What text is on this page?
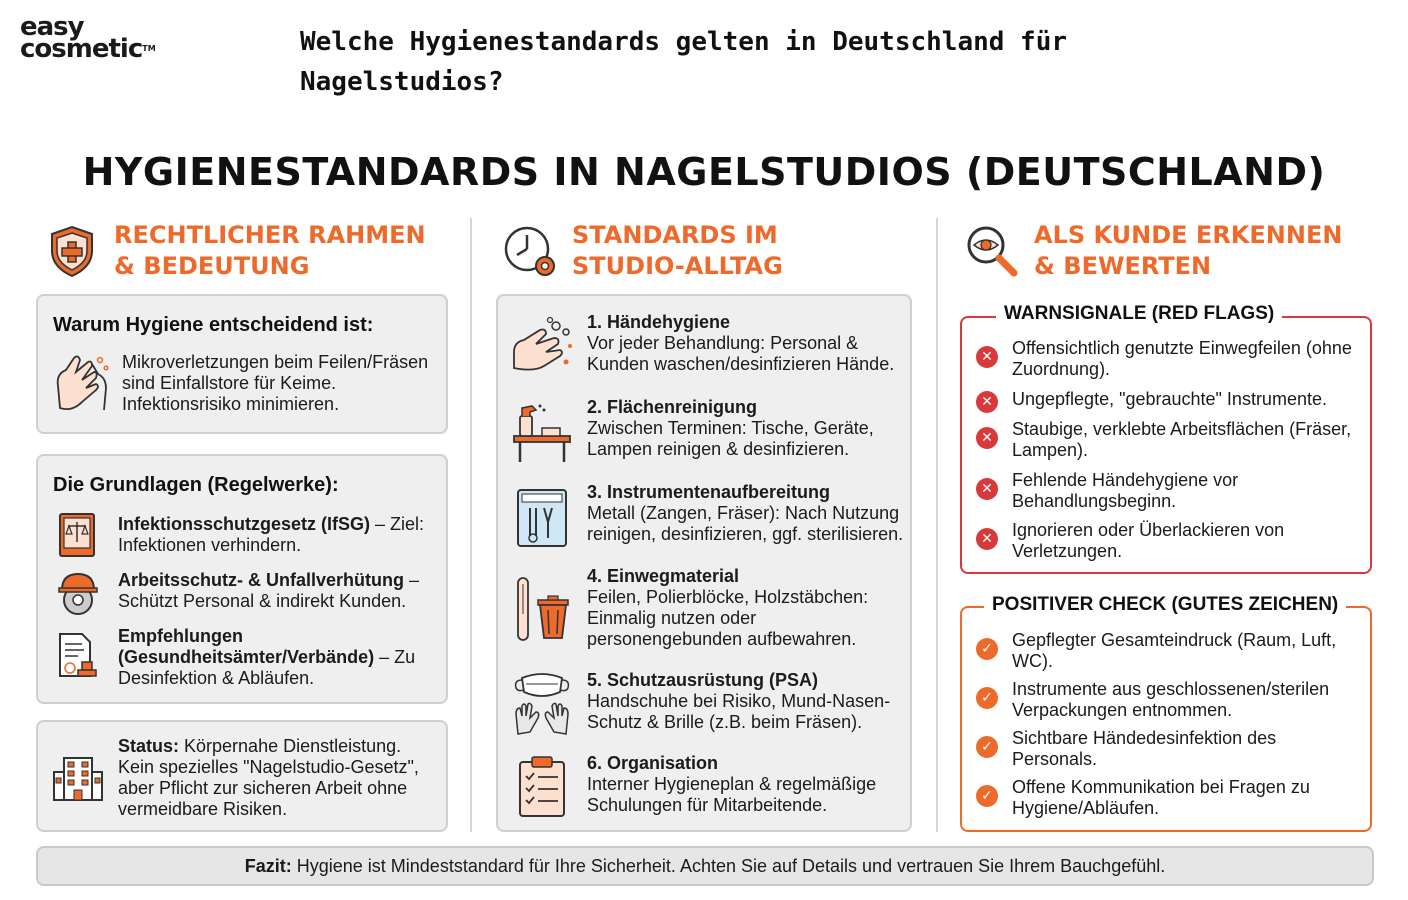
easy
cosmetic™	Welche Hygienestandards gelten in Deutschland für Nagelstudios?
HYGIENESTANDARDS IN NAGELSTUDIOS (DEUTSCHLAND)
RECHTLICHER RAHMEN
& BEDEUTUNG
STANDARDS IM
STUDIO-ALLTAG
ALS KUNDE ERKENNEN
& BEWERTEN
Warum Hygiene entscheidend ist:
Mikroverletzungen beim Feilen/Fräsen sind Einfallstore für Keime. Infektionsrisiko minimieren.
Die Grundlagen (Regelwerke):
Infektionsschutzgesetz (IfSG) – Ziel: Infektionen verhindern.
Arbeitsschutz- & Unfallverhütung – Schützt Personal & indirekt Kunden.
Empfehlungen (Gesundheitsämter/Verbände) – Zu Desinfektion & Abläufen.
Status: Körpernahe Dienstleistung. Kein spezielles "Nagelstudio-Gesetz", aber Pflicht zur sicheren Arbeit ohne vermeidbare Risiken.
1. Händehygiene
Vor jeder Behandlung: Personal & Kunden waschen/desinfizieren Hände.
2. Flächenreinigung
Zwischen Terminen: Tische, Geräte, Lampen reinigen & desinfizieren.
3. Instrumentenaufbereitung
Metall (Zangen, Fräser): Nach Nutzung reinigen, desinfizieren, ggf. sterilisieren.
4. Einwegmaterial
Feilen, Polierblöcke, Holzstäbchen: Einmalig nutzen oder personengebunden aufbewahren.
5. Schutzausrüstung (PSA)
Handschuhe bei Risiko, Mund-Nasen-Schutz & Brille (z.B. beim Fräsen).
6. Organisation
Interner Hygieneplan & regelmäßige Schulungen für Mitarbeitende.
WARNSIGNALE (RED FLAGS)
✕ Offensichtlich genutzte Einwegfeilen (ohne Zuordnung).
✕ Ungepflegte, "gebrauchte" Instrumente.
✕ Staubige, verklebte Arbeitsflächen (Fräser, Lampen).
✕ Fehlende Händehygiene vor Behandlungsbeginn.
✕ Ignorieren oder Überlackieren von Verletzungen.
POSITIVER CHECK (GUTES ZEICHEN)
✓ Gepflegter Gesamteindruck (Raum, Luft, WC).
✓ Instrumente aus geschlossenen/sterilen Verpackungen entnommen.
✓ Sichtbare Händedesinfektion des Personals.
✓ Offene Kommunikation bei Fragen zu Hygiene/Abläufen.
Fazit: Hygiene ist Mindeststandard für Ihre Sicherheit. Achten Sie auf Details und vertrauen Sie Ihrem Bauchgefühl.
